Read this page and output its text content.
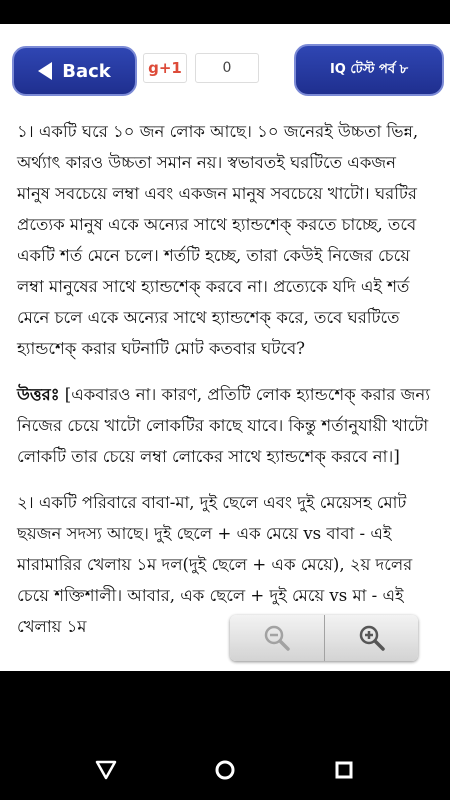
Back g+1	0	IQ টেস্ট পর্ব ৮

১। একটি ঘরে ১০ জন লোক আছে। ১০ জনেরই উচ্চতা ভিন্ন, অর্থ্যাৎ কারও উচ্চতা সমান নয়। স্বভাবতই ঘরটিতে একজন মানুষ সবচেয়ে লম্বা এবং একজন মানুষ সবচেয়ে খাটো। ঘরটির প্রত্যেক মানুষ একে অন্যের সাথে হ্যান্ডশেক্ করতে চাচ্ছে, তবে একটি শর্ত মেনে চলে। শর্তটি হচ্ছে, তারা কেউই নিজের চেয়ে লম্বা মানুষের সাথে হ্যান্ডশেক্ করবে না। প্রত্যেকে যদি এই শর্ত মেনে চলে একে অন্যের সাথে হ্যান্ডশেক্ করে, তবে ঘরটিতে হ্যান্ডশেক্ করার ঘটনাটি মোট কতবার ঘটবে?

উত্তরঃ [একবারও না। কারণ, প্রতিটি লোক হ্যান্ডশেক্ করার জন্য নিজের চেয়ে খাটো লোকটির কাছে যাবে। কিন্তু শর্তানুযায়ী খাটো লোকটি তার চেয়ে লম্বা লোকের সাথে হ্যান্ডশেক্ করবে না।]

২। একটি পরিবারে বাবা-মা, দুই ছেলে এবং দুই মেয়েসহ মোট ছয়জন সদস্য আছে। দুই ছেলে + এক মেয়ে vs বাবা - এই মারামারির খেলায় ১ম দল(দুই ছেলে + এক মেয়ে), ২য় দলের চেয়ে শক্তিশালী। আবার, এক ছেলে + দুই মেয়ে vs মা - এই খেলায় ১ম
